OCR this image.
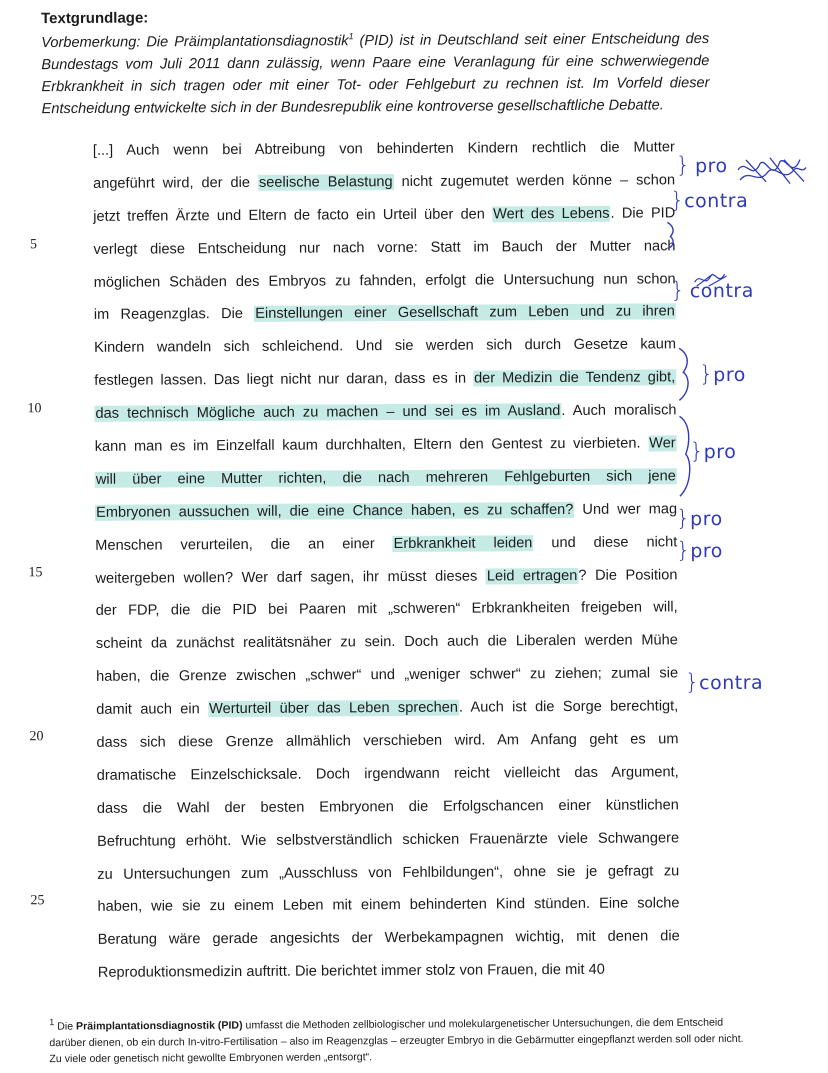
Textgrundlage:
Vorbemerkung: Die Präimplantationsdiagnostik$^1$ (PID) ist in Deutschland seit einer Entscheidung des Bundestags vom Juli 2011 dann zulässig, wenn Paare eine Veranlagung für eine schwerwiegende Erbkrankheit in sich tragen oder mit einer Tot- oder Fehlgeburt zu rechnen ist. Im Vorfeld dieser Entscheidung entwickelte sich in der Bundesrepublik eine kontroverse gesellschaftliche Debatte.
[...] Auch wenn bei Abtreibung von behinderten Kindern rechtlich die Mutter
angeführt wird, der die seelische Belastung nicht zugemutet werden könne – schon
jetzt treffen Ärzte und Eltern de facto ein Urteil über den Wert des Lebens. Die PID
verlegt diese Entscheidung nur nach vorne: Statt im Bauch der Mutter nach
möglichen Schäden des Embryos zu fahnden, erfolgt die Untersuchung nun schon
im Reagenzglas. Die Einstellungen einer Gesellschaft zum Leben und zu ihren
Kindern wandeln sich schleichend. Und sie werden sich durch Gesetze kaum
festlegen lassen. Das liegt nicht nur daran, dass es in der Medizin die Tendenz gibt,
das technisch Mögliche auch zu machen – und sei es im Ausland. Auch moralisch
kann man es im Einzelfall kaum durchhalten, Eltern den Gentest zu vierbieten. Wer
will über eine Mutter richten, die nach mehreren Fehlgeburten sich jene
Embryonen aussuchen will, die eine Chance haben, es zu schaffen? Und wer mag
Menschen verurteilen, die an einer Erbkrankheit leiden und diese nicht
weitergeben wollen? Wer darf sagen, ihr müsst dieses Leid ertragen? Die Position
der FDP, die die PID bei Paaren mit „schweren“ Erbkrankheiten freigeben will,
scheint da zunächst realitätsnäher zu sein. Doch auch die Liberalen werden Mühe
haben, die Grenze zwischen „schwer“ und „weniger schwer“ zu ziehen; zumal sie
damit auch ein Werturteil über das Leben sprechen. Auch ist die Sorge berechtigt,
dass sich diese Grenze allmählich verschieben wird. Am Anfang geht es um
dramatische Einzelschicksale. Doch irgendwann reicht vielleicht das Argument,
dass die Wahl der besten Embryonen die Erfolgschancen einer künstlichen
Befruchtung erhöht. Wie selbstverständlich schicken Frauenärzte viele Schwangere
zu Untersuchungen zum „Ausschluss von Fehlbildungen“, ohne sie je gefragt zu
haben, wie sie zu einem Leben mit einem behinderten Kind stünden. Eine solche
Beratung wäre gerade angesichts der Werbekampagnen wichtig, mit denen die
Reproduktionsmedizin auftritt. Die berichtet immer stolz von Frauen, die mit 40
5
10
15
20
25
} pro
}contra
} contra
}pro
}pro
}pro
}pro
}contra
$^1$ Die Präimplantationsdiagnostik (PID) umfasst die Methoden zellbiologischer und molekulargenetischer Untersuchungen, die dem Entscheid darüber dienen, ob ein durch In-vitro-Fertilisation – also im Reagenzglas – erzeugter Embryo in die Gebärmutter eingepflanzt werden soll oder nicht. Zu viele oder genetisch nicht gewollte Embryonen werden „entsorgt“.
